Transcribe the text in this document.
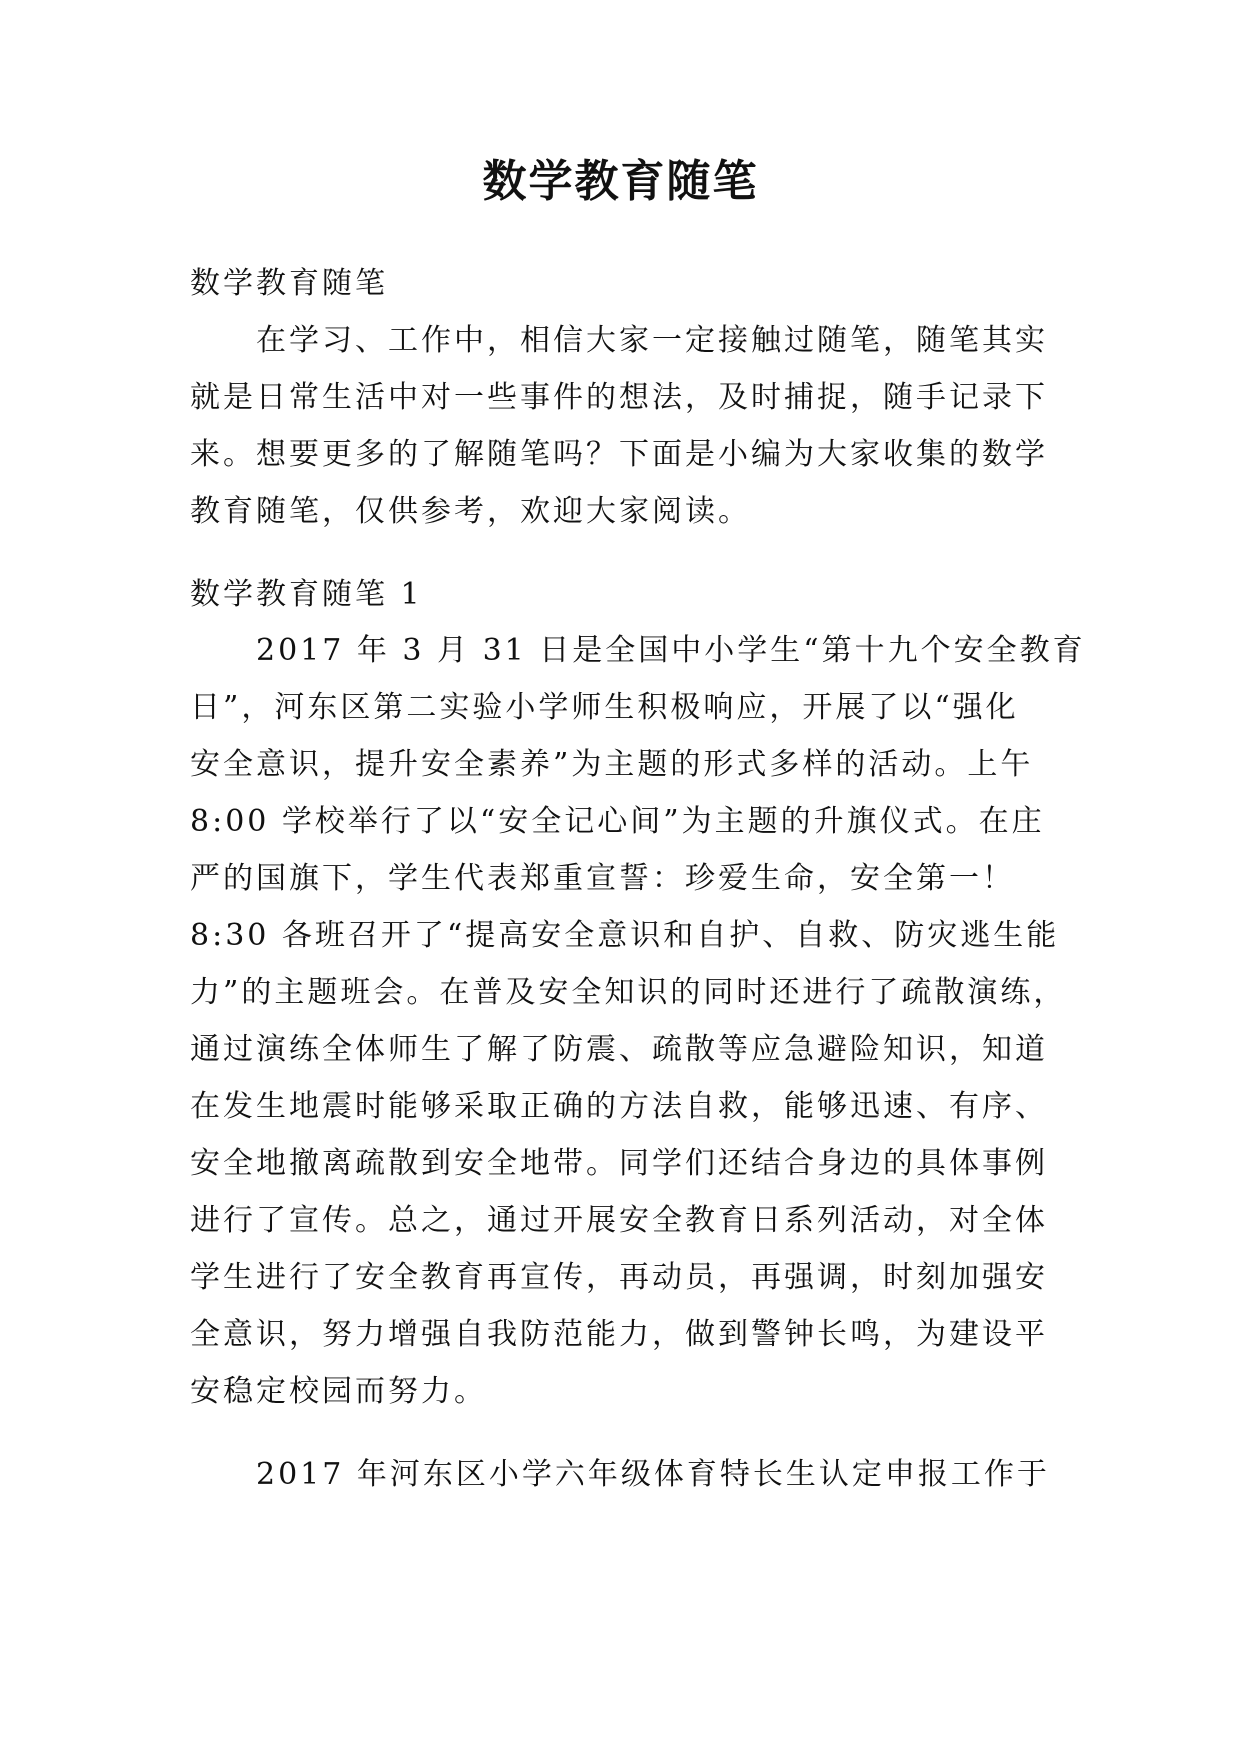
数学教育随笔

数学教育随笔

在学习、工作中，相信大家一定接触过随笔，随笔其实
就是日常生活中对一些事件的想法，及时捕捉，随手记录下
来。想要更多的了解随笔吗？下面是小编为大家收集的数学
教育随笔，仅供参考，欢迎大家阅读。

数学教育随笔 1

2017 年 3 月 31 日是全国中小学生“第十九个安全教育
日”，河东区第二实验小学师生积极响应，开展了以“强化
安全意识，提升安全素养”为主题的形式多样的活动。上午
8:00 学校举行了以“安全记心间”为主题的升旗仪式。在庄
严的国旗下，学生代表郑重宣誓：珍爱生命，安全第一！
8:30 各班召开了“提高安全意识和自护、自救、防灾逃生能
力”的主题班会。在普及安全知识的同时还进行了疏散演练，
通过演练全体师生了解了防震、疏散等应急避险知识，知道
在发生地震时能够采取正确的方法自救，能够迅速、有序、
安全地撤离疏散到安全地带。同学们还结合身边的具体事例
进行了宣传。总之，通过开展安全教育日系列活动，对全体
学生进行了安全教育再宣传，再动员，再强调，时刻加强安
全意识，努力增强自我防范能力，做到警钟长鸣，为建设平
安稳定校园而努力。

2017 年河东区小学六年级体育特长生认定申报工作于
